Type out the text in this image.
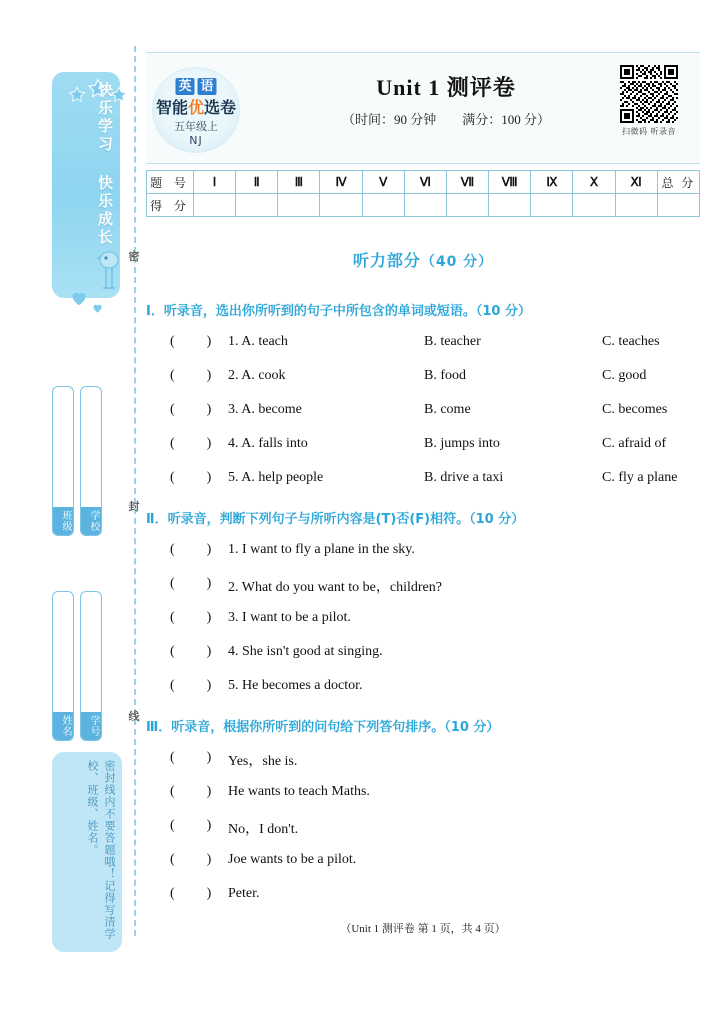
快乐学习 快乐成长
班级	学校
姓名	学号
密封线内不要答题哦！记得写清学校、班级、姓名。
密
封
线
英 语
智能优选卷
五年级上
NJ
Unit 1 测评卷
（时间：90 分钟 满分：100 分）
扫微码 听录音
题 号	Ⅰ	Ⅱ	Ⅲ	Ⅳ	Ⅴ	Ⅵ	Ⅶ	Ⅷ	Ⅸ	Ⅹ	Ⅺ	总 分
得 分												
听力部分（40 分）
Ⅰ．听录音，选出你所听到的句子中所包含的单词或短语。（10 分）
( ) 1. A. teach	B. teacher	C. teaches
( ) 2. A. cook	B. food	C. good
( ) 3. A. become	B. come	C. becomes
( ) 4. A. falls into	B. jumps into	C. afraid of
( ) 5. A. help people	B. drive a taxi	C. fly a plane
Ⅱ．听录音，判断下列句子与所听内容是(T)否(F)相符。（10 分）
( ) 1. I want to fly a plane in the sky.
( ) 2. What do you want to be，children?
( ) 3. I want to be a pilot.
( ) 4. She isn't good at singing.
( ) 5. He becomes a doctor.
Ⅲ．听录音，根据你所听到的问句给下列答句排序。（10 分）
( ) Yes，she is.
( ) He wants to teach Maths.
( ) No，I don't.
( ) Joe wants to be a pilot.
( ) Peter.
（Unit 1 测评卷 第 1 页，共 4 页）
